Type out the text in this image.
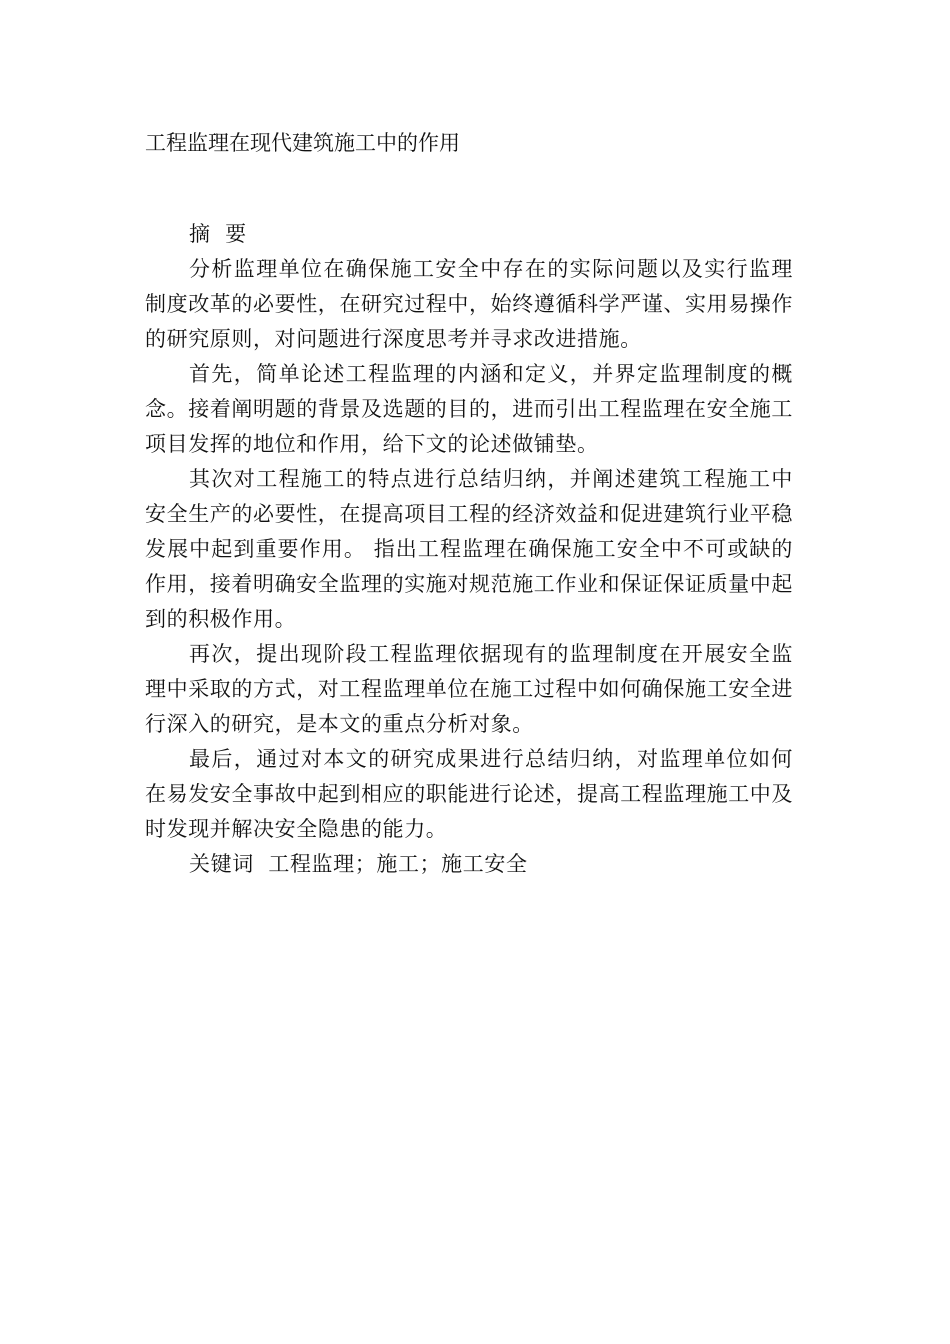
工程监理在现代建筑施工中的作用

摘  要

分析监理单位在确保施工安全中存在的实际问题以及实行监理制度改革的必要性，在研究过程中，始终遵循科学严谨、实用易操作的研究原则，对问题进行深度思考并寻求改进措施。

首先，简单论述工程监理的内涵和定义，并界定监理制度的概念。接着阐明题的背景及选题的目的，进而引出工程监理在安全施工项目发挥的地位和作用，给下文的论述做铺垫。

其次对工程施工的特点进行总结归纳，并阐述建筑工程施工中安全生产的必要性，在提高项目工程的经济效益和促进建筑行业平稳发展中起到重要作用。 指出工程监理在确保施工安全中不可或缺的作用，接着明确安全监理的实施对规范施工作业和保证保证质量中起到的积极作用。

再次，提出现阶段工程监理依据现有的监理制度在开展安全监理中采取的方式，对工程监理单位在施工过程中如何确保施工安全进行深入的研究，是本文的重点分析对象。

最后，通过对本文的研究成果进行总结归纳，对监理单位如何在易发安全事故中起到相应的职能进行论述，提高工程监理施工中及时发现并解决安全隐患的能力。

关键词  工程监理；施工；施工安全
